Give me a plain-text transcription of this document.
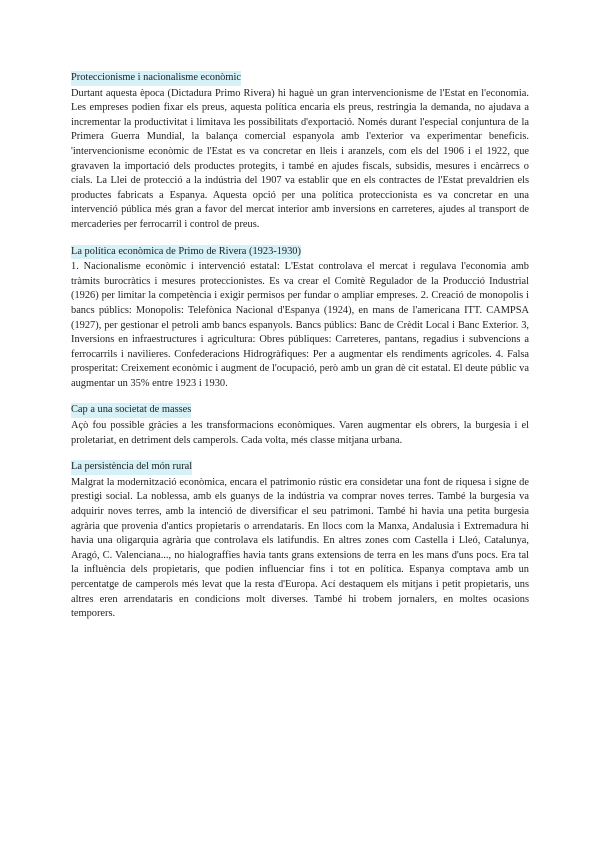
Proteccionisme i nacionalisme econòmic

Durtant aquesta època (Dictadura Primo Rivera) hi haguè un gran intervencionisme de l'Estat en l'economia. Les empreses podien fixar els preus, aquesta política encaria els preus, restringia la demanda, no ajudava a incrementar la productivitat i limitava les possibilitats d'exportació. Només durant l'especial conjuntura de la Primera Guerra Mundial, la balança comercial espanyola amb l'exterior va experimentar beneficis. 'intervencionisme econòmic de l'Estat es va concretar en lleis i aranzels, com els del 1906 i el 1922, que gravaven la importació dels productes protegits, i també en ajudes fiscals, subsidis, mesures i encàrrecs o cials. La Llei de protecció a la indústria del 1907 va establir que en els contractes de l'Estat prevaldrien els productes fabricats a Espanya. Aquesta opció per una política proteccionista es va concretar en una intervenció pública més gran a favor del mercat interior amb inversions en carreteres, ajudes al transport de mercaderies per ferrocarril i control de preus.

La política econòmica de Primo de Rivera (1923-1930)

1. Nacionalisme econòmic i intervenció estatal: L'Estat controlava el mercat i regulava l'economia amb tràmits burocràtics i mesures proteccionistes. Es va crear el Comitè Regulador de la Producció Industrial (1926) per limitar la competència i exigir permisos per fundar o ampliar empreses. 2. Creació de monopolis i bancs públics: Monopolis: Telefònica Nacional d'Espanya (1924), en mans de l'americana ITT. CAMPSA (1927), per gestionar el petroli amb bancs espanyols. Bancs públics: Banc de Crèdit Local i Banc Exterior. 3, Inversions en infraestructures i agricultura: Obres públiques: Carreteres, pantans, regadius i subvencions a ferrocarrils i navilieres. Confederacions Hidrogràfiques: Per a augmentar els rendiments agrícoles. 4. Falsa prosperitat: Creixement econòmic i augment de l'ocupació, però amb un gran dè cit estatal. El deute públic va augmentar un 35% entre 1923 i 1930.

Cap a una societat de masses

Açò fou possible gràcies a les transformacions econòmiques. Varen augmentar els obrers, la burgesia i el proletariat, en detriment dels camperols. Cada volta, més classe mitjana urbana.

La persistència del món rural

Malgrat la modernització econòmica, encara el patrimonio rústic era considetar una font de riquesa i signe de prestigi social. La noblessa, amb els guanys de la indústria va comprar noves terres. També la burgesia va adquirir noves terres, amb la intenció de diversificar el seu patrimoni. També hi havia una petita burgesia agrària que provenia d'antics propietaris o arrendataris. En llocs com la Manxa, Andalusia i Extremadura hi havia una oligarquia agrària que controlava els latifundis. En altres zones com Castella i Lleó, Catalunya, Aragó, C. Valenciana..., no hialograffies havia tants grans extensions de terra en les mans d'uns pocs. Era tal la influència dels propietaris, que podien influenciar fins i tot en política. Espanya comptava amb un percentatge de camperols més levat que la resta d'Europa. Ací destaquem els mitjans i petit propietaris, uns altres eren arrendataris en condicions molt diverses. També hi trobem jornalers, en moltes ocasions temporers.
